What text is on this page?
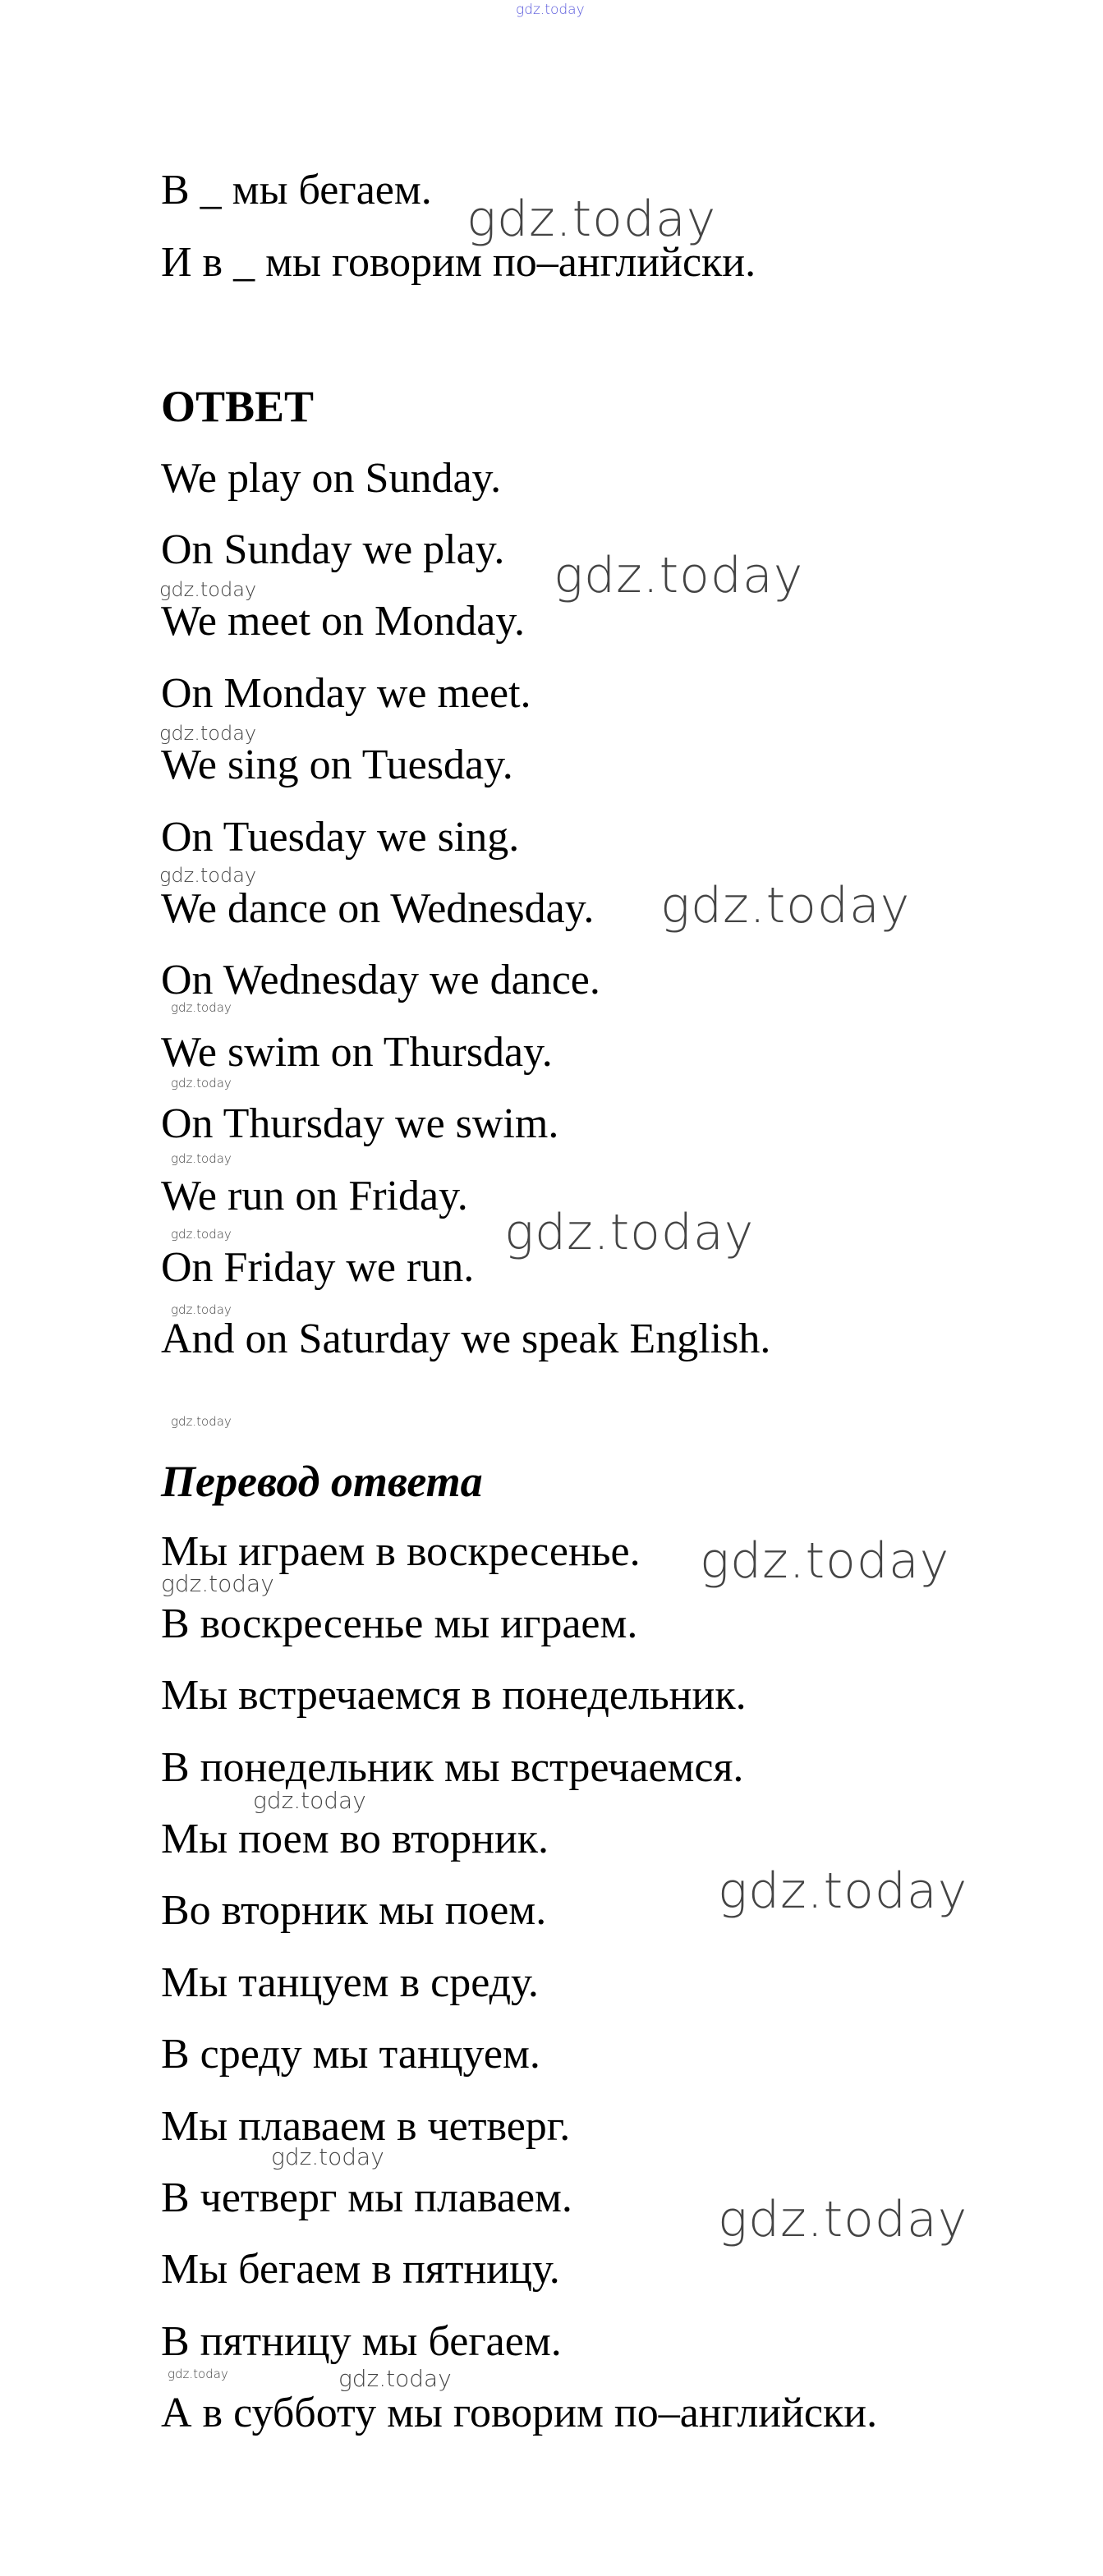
gdz.today
В _ мы бегаем.
И в _ мы говорим по–английски.
ОТВЕТ
We play on Sunday.
On Sunday we play.
We meet on Monday.
On Monday we meet.
We sing on Tuesday.
On Tuesday we sing.
We dance on Wednesday.
On Wednesday we dance.
We swim on Thursday.
On Thursday we swim.
We run on Friday.
On Friday we run.
And on Saturday we speak English.
Перевод ответа
Мы играем в воскресенье.
В воскресенье мы играем.
Мы встречаемся в понедельник.
В понедельник мы встречаемся.
Мы поем во вторник.
Во вторник мы поем.
Мы танцуем в среду.
В среду мы танцуем.
Мы плаваем в четверг.
В четверг мы плаваем.
Мы бегаем в пятницу.
В пятницу мы бегаем.
А в субботу мы говорим по–английски.
gdz.today
gdz.today
gdz.today
gdz.today
gdz.today
gdz.today
gdz.today
gdz.today
gdz.today
gdz.today	gdz.today
gdz.today
gdz.today
gdz.today
gdz.today
gdz.today
gdz.today
gdz.today
gdz.today
gdz.today	gdz.today
